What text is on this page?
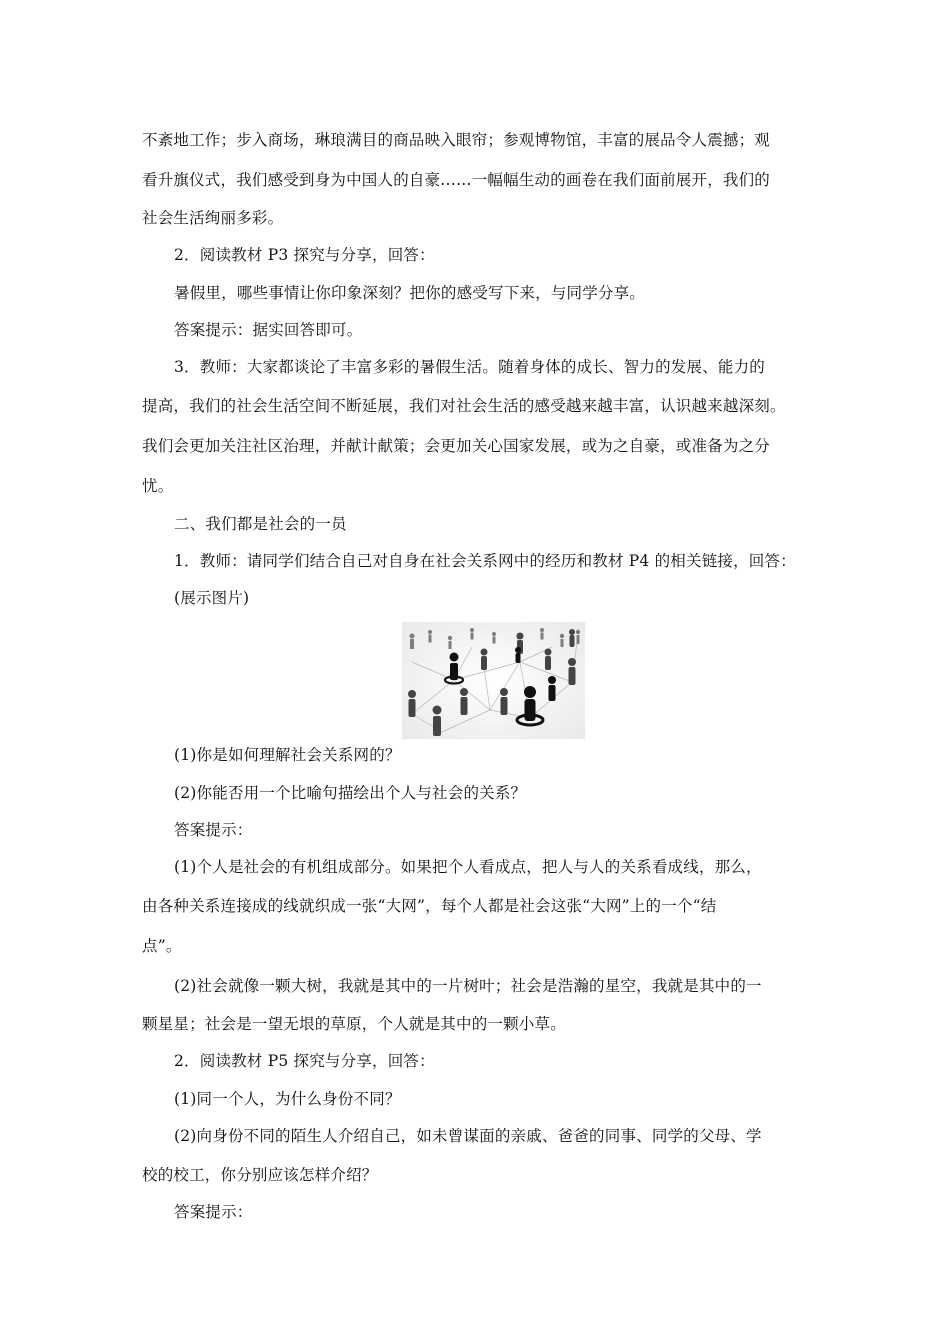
不紊地工作；步入商场，琳琅满目的商品映入眼帘；参观博物馆，丰富的展品令人震撼；观
看升旗仪式，我们感受到身为中国人的自豪……一幅幅生动的画卷在我们面前展开，我们的
社会生活绚丽多彩。
2．阅读教材 P3 探究与分享，回答：
暑假里，哪些事情让你印象深刻？把你的感受写下来，与同学分享。
答案提示：据实回答即可。
3．教师：大家都谈论了丰富多彩的暑假生活。随着身体的成长、智力的发展、能力的
提高，我们的社会生活空间不断延展，我们对社会生活的感受越来越丰富，认识越来越深刻。
我们会更加关注社区治理，并献计献策；会更加关心国家发展，或为之自豪，或准备为之分
忧。
二、我们都是社会的一员
1．教师：请同学们结合自己对自身在社会关系网中的经历和教材 P4 的相关链接，回答：
(展示图片)
(1)你是如何理解社会关系网的？
(2)你能否用一个比喻句描绘出个人与社会的关系？
答案提示：
(1)个人是社会的有机组成部分。如果把个人看成点，把人与人的关系看成线，那么，
由各种关系连接成的线就织成一张“大网”，每个人都是社会这张“大网”上的一个“结
点”。
(2)社会就像一颗大树，我就是其中的一片树叶；社会是浩瀚的星空，我就是其中的一
颗星星；社会是一望无垠的草原，个人就是其中的一颗小草。
2．阅读教材 P5 探究与分享，回答：
(1)同一个人，为什么身份不同？
(2)向身份不同的陌生人介绍自己，如未曾谋面的亲戚、爸爸的同事、同学的父母、学
校的校工，你分别应该怎样介绍？
答案提示：
